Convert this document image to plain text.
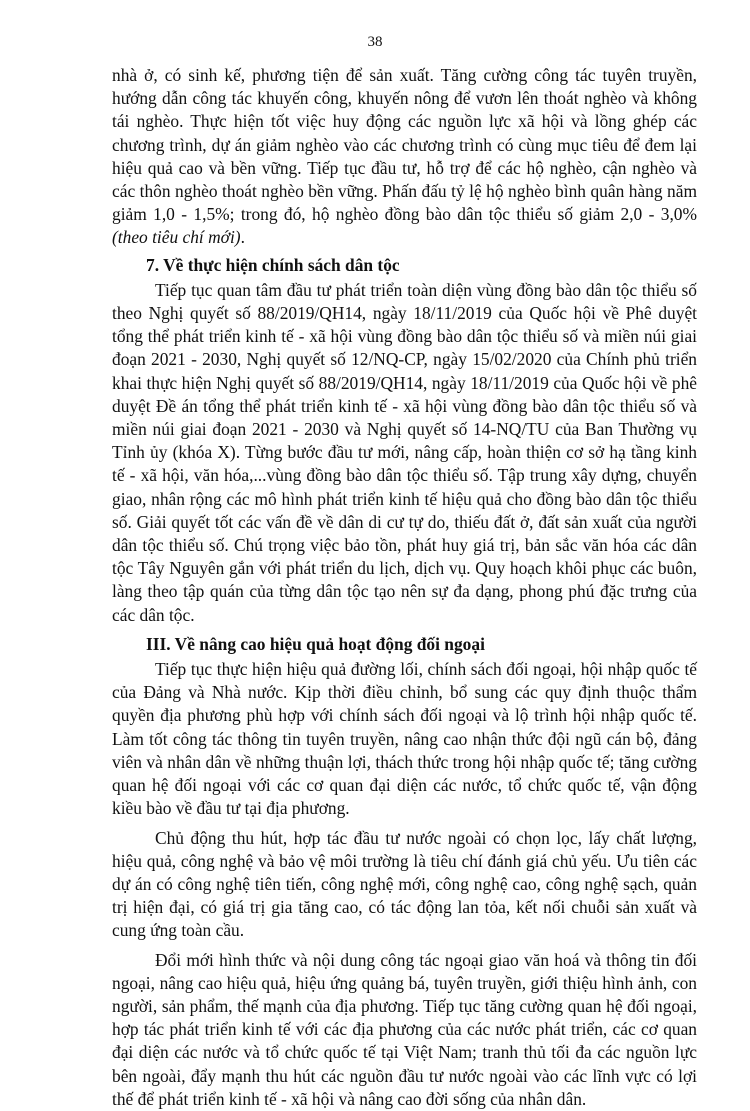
38

nhà ở, có sinh kế, phương tiện để sản xuất. Tăng cường công tác tuyên truyền, hướng dẫn công tác khuyến công, khuyến nông để vươn lên thoát nghèo và không tái nghèo. Thực hiện tốt việc huy động các nguồn lực xã hội và lồng ghép các chương trình, dự án giảm nghèo vào các chương trình có cùng mục tiêu để đem lại hiệu quả cao và bền vững. Tiếp tục đầu tư, hỗ trợ để các hộ nghèo, cận nghèo và các thôn nghèo thoát nghèo bền vững. Phấn đấu tỷ lệ hộ nghèo bình quân hàng năm giảm 1,0 - 1,5%; trong đó, hộ nghèo đồng bào dân tộc thiểu số giảm 2,0 - 3,0% (theo tiêu chí mới).

7. Về thực hiện chính sách dân tộc

Tiếp tục quan tâm đầu tư phát triển toàn diện vùng đồng bào dân tộc thiểu số theo Nghị quyết số 88/2019/QH14, ngày 18/11/2019 của Quốc hội về Phê duyệt tổng thể phát triển kinh tế - xã hội vùng đồng bào dân tộc thiểu số và miền núi giai đoạn 2021 - 2030, Nghị quyết số 12/NQ-CP, ngày 15/02/2020 của Chính phủ triển khai thực hiện Nghị quyết số 88/2019/QH14, ngày 18/11/2019 của Quốc hội về phê duyệt Đề án tổng thể phát triển kinh tế - xã hội vùng đồng bào dân tộc thiểu số và miền núi giai đoạn 2021 - 2030 và Nghị quyết số 14-NQ/TU của Ban Thường vụ Tỉnh ủy (khóa X). Từng bước đầu tư mới, nâng cấp, hoàn thiện cơ sở hạ tầng kinh tế - xã hội, văn hóa,...vùng đồng bào dân tộc thiểu số. Tập trung xây dựng, chuyển giao, nhân rộng các mô hình phát triển kinh tế hiệu quả cho đồng bào dân tộc thiểu số. Giải quyết tốt các vấn đề về dân di cư tự do, thiếu đất ở, đất sản xuất của người dân tộc thiểu số. Chú trọng việc bảo tồn, phát huy giá trị, bản sắc văn hóa các dân tộc Tây Nguyên gắn với phát triển du lịch, dịch vụ. Quy hoạch khôi phục các buôn, làng theo tập quán của từng dân tộc tạo nên sự đa dạng, phong phú đặc trưng của các dân tộc.

III. Về nâng cao hiệu quả hoạt động đối ngoại

Tiếp tục thực hiện hiệu quả đường lối, chính sách đối ngoại, hội nhập quốc tế của Đảng và Nhà nước. Kịp thời điều chỉnh, bổ sung các quy định thuộc thẩm quyền địa phương phù hợp với chính sách đối ngoại và lộ trình hội nhập quốc tế. Làm tốt công tác thông tin tuyên truyền, nâng cao nhận thức đội ngũ cán bộ, đảng viên và nhân dân về những thuận lợi, thách thức trong hội nhập quốc tế; tăng cường quan hệ đối ngoại với các cơ quan đại diện các nước, tổ chức quốc tế, vận động kiều bào về đầu tư tại địa phương.

Chủ động thu hút, hợp tác đầu tư nước ngoài có chọn lọc, lấy chất lượng, hiệu quả, công nghệ và bảo vệ môi trường là tiêu chí đánh giá chủ yếu. Ưu tiên các dự án có công nghệ tiên tiến, công nghệ mới, công nghệ cao, công nghệ sạch, quản trị hiện đại, có giá trị gia tăng cao, có tác động lan tỏa, kết nối chuỗi sản xuất và cung ứng toàn cầu.

Đổi mới hình thức và nội dung công tác ngoại giao văn hoá và thông tin đối ngoại, nâng cao hiệu quả, hiệu ứng quảng bá, tuyên truyền, giới thiệu hình ảnh, con người, sản phẩm, thế mạnh của địa phương. Tiếp tục tăng cường quan hệ đối ngoại, hợp tác phát triển kinh tế với các địa phương của các nước phát triển, các cơ quan đại diện các nước và tổ chức quốc tế tại Việt Nam; tranh thủ tối đa các nguồn lực bên ngoài, đẩy mạnh thu hút các nguồn đầu tư nước ngoài vào các lĩnh vực có lợi thế để phát triển kinh tế - xã hội và nâng cao đời sống của nhân dân.
